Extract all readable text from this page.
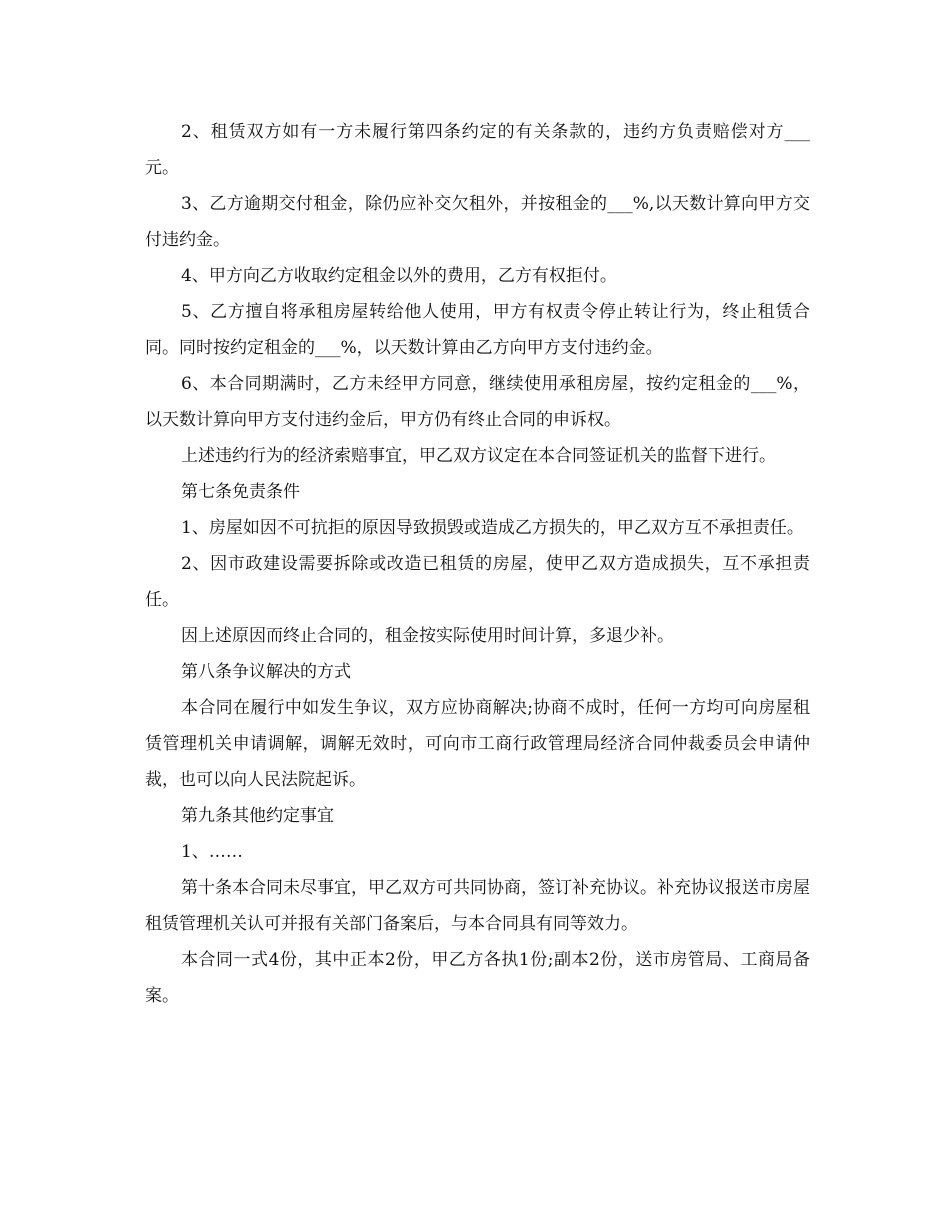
2、租赁双方如有一方未履行第四条约定的有关条款的，违约方负责赔偿对方___元。

3、乙方逾期交付租金，除仍应补交欠租外，并按租金的___%,以天数计算向甲方交付违约金。

4、甲方向乙方收取约定租金以外的费用，乙方有权拒付。

5、乙方擅自将承租房屋转给他人使用，甲方有权责令停止转让行为，终止租赁合同。同时按约定租金的___%，以天数计算由乙方向甲方支付违约金。

6、本合同期满时，乙方未经甲方同意，继续使用承租房屋，按约定租金的___%，以天数计算向甲方支付违约金后，甲方仍有终止合同的申诉权。

上述违约行为的经济索赔事宜，甲乙双方议定在本合同签证机关的监督下进行。

第七条免责条件

1、房屋如因不可抗拒的原因导致损毁或造成乙方损失的，甲乙双方互不承担责任。

2、因市政建设需要拆除或改造已租赁的房屋，使甲乙双方造成损失，互不承担责任。

因上述原因而终止合同的，租金按实际使用时间计算，多退少补。

第八条争议解决的方式

本合同在履行中如发生争议，双方应协商解决;协商不成时，任何一方均可向房屋租赁管理机关申请调解，调解无效时，可向市工商行政管理局经济合同仲裁委员会申请仲裁，也可以向人民法院起诉。

第九条其他约定事宜

1、……

第十条本合同未尽事宜，甲乙双方可共同协商，签订补充协议。补充协议报送市房屋租赁管理机关认可并报有关部门备案后，与本合同具有同等效力。

本合同一式4份，其中正本2份，甲乙方各执1份;副本2份，送市房管局、工商局备案。
